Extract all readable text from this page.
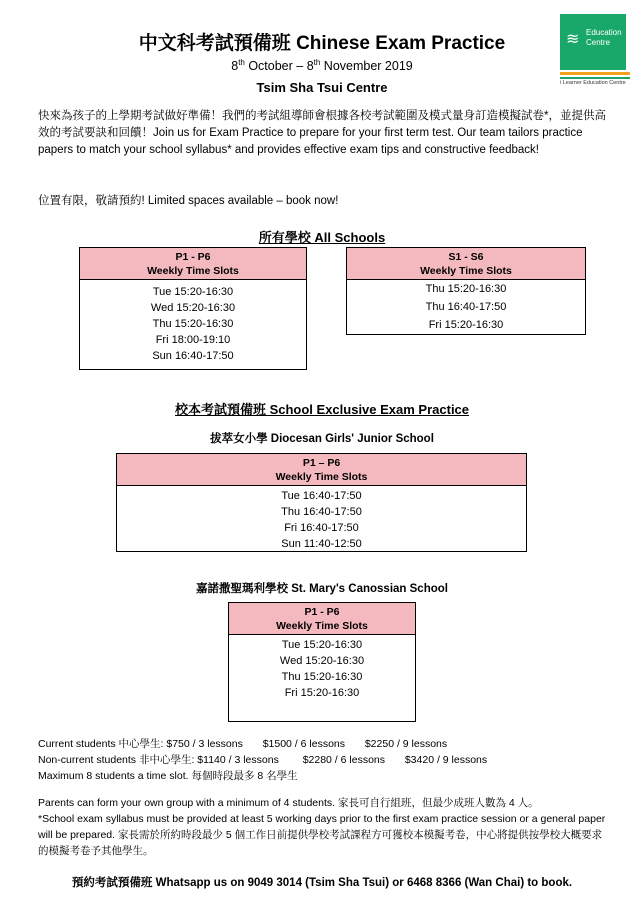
中文科考試預備班 Chinese Exam Practice
8th October – 8th November 2019
Tsim Sha Tsui Centre
≋ Education
Centre
i Learner Education Centre
快來為孩子的上學期考試做好準備！我們的考試組導師會根據各校考試範圍及模式量身訂造模擬試卷*，並提供高效的考試要訣和回饋！Join us for Exam Practice to prepare for your first term test. Our team tailors practice papers to match your school syllabus* and provides effective exam tips and constructive feedback!
位置有限，敬請預約! Limited spaces available – book now!
所有學校 All Schools
P1 - P6
Weekly Time Slots
Tue 15:20-16:30
Wed 15:20-16:30
Thu 15:20-16:30
Fri 18:00-19:10
Sun 16:40-17:50
S1 - S6
Weekly Time Slots
Thu 15:20-16:30
Thu 16:40-17:50
Fri 15:20-16:30
校本考試預備班 School Exclusive Exam Practice
拔萃女小學 Diocesan Girls' Junior School
P1 – P6
Weekly Time Slots
Tue 16:40-17:50
Thu 16:40-17:50
Fri 16:40-17:50
Sun 11:40-12:50
嘉諾撒聖瑪利學校 St. Mary's Canossian School
P1 - P6
Weekly Time Slots
Tue 15:20-16:30
Wed 15:20-16:30
Thu 15:20-16:30
Fri 15:20-16:30
Current students 中心學生: $750 / 3 lessons $1500 / 6 lessons $2250 / 9 lessons
Non-current students 非中心學生: $1140 / 3 lessons $2280 / 6 lessons $3420 / 9 lessons
Maximum 8 students a time slot. 每個時段最多 8 名學生
Parents can form your own group with a minimum of 4 students. 家長可自行組班，但最少成班人數為 4 人。
*School exam syllabus must be provided at least 5 working days prior to the first exam practice session or a general paper will be prepared. 家長需於所約時段最少 5 個工作日前提供學校考試課程方可獲校本模擬考卷，中心將提供按學校大概要求的模擬考卷予其他學生。
預約考試預備班 Whatsapp us on 9049 3014 (Tsim Sha Tsui) or 6468 8366 (Wan Chai) to book.
